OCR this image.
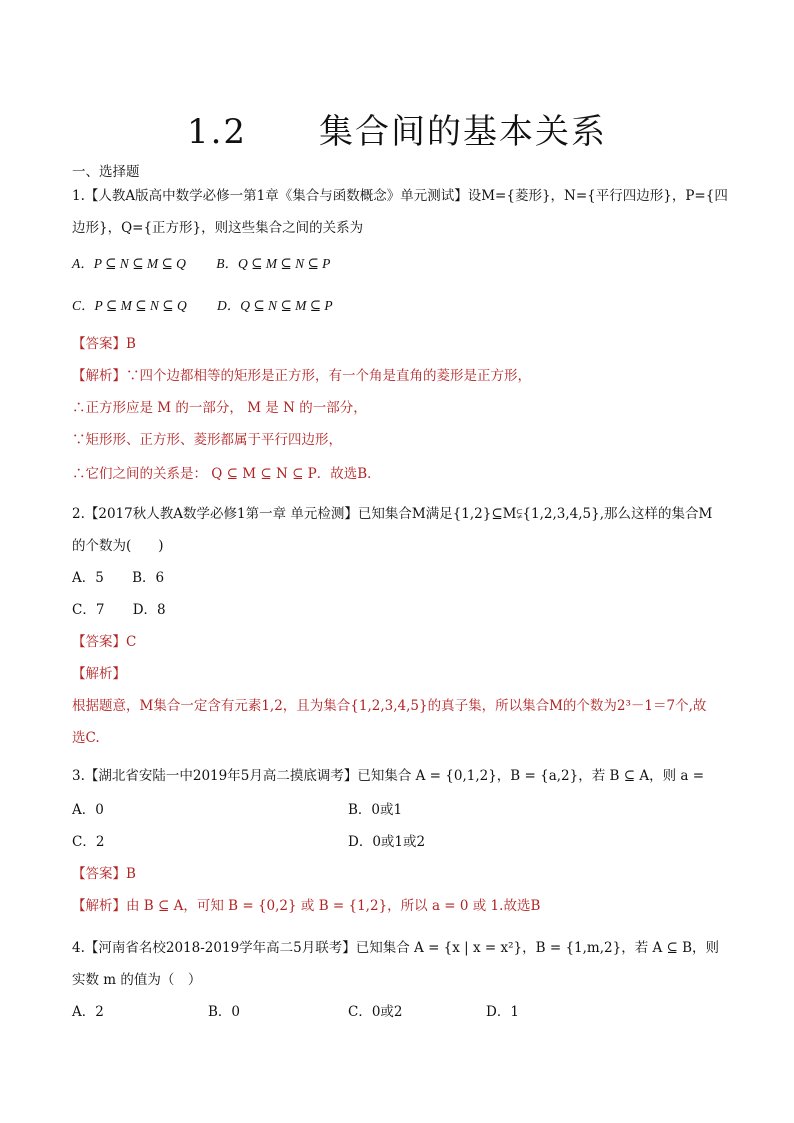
1.2　　集合间的基本关系
一、选择题
1.【人教A版高中数学必修一第1章《集合与函数概念》单元测试】设M={菱形}，N={平行四边形}，P={四
边形}，Q={正方形}，则这些集合之间的关系为
A．P ⊆ N ⊆ M ⊆ Q B．Q ⊆ M ⊆ N ⊆ P
C．P ⊆ M ⊆ N ⊆ Q D．Q ⊆ N ⊆ M ⊆ P
【答案】B
【解析】∵四个边都相等的矩形是正方形，有一个角是直角的菱形是正方形，
∴正方形应是 M 的一部分， M 是 N 的一部分，
∵矩形形、正方形、菱形都属于平行四边形，
∴它们之间的关系是： Q ⊆ M ⊆ N ⊆ P．故选B．
2.【2017秋人教A数学必修1第一章 单元检测】已知集合M满足{1,2}⊆M⫋{1,2,3,4,5},那么这样的集合M
的个数为(　　)
A．5 B．6
C．7 D．8
【答案】C
【解析】
根据题意，M集合一定含有元素1,2，且为集合{1,2,3,4,5}的真子集，所以集合M的个数为2³－1＝7个,故
选C.
3.【湖北省安陆一中2019年5月高二摸底调考】已知集合 A = {0,1,2}，B = {a,2}，若 B ⊆ A，则 a =
A．0	B．0或1
C．2	D．0或1或2
【答案】B
【解析】由 B ⊆ A，可知 B = {0,2} 或 B = {1,2}，所以 a = 0 或 1.故选B
4.【河南省名校2018-2019学年高二5月联考】已知集合 A = {x | x = x²}，B = {1,m,2}，若 A ⊆ B，则
实数 m 的值为（　）
A．2	B．0	C．0或2	D．1
